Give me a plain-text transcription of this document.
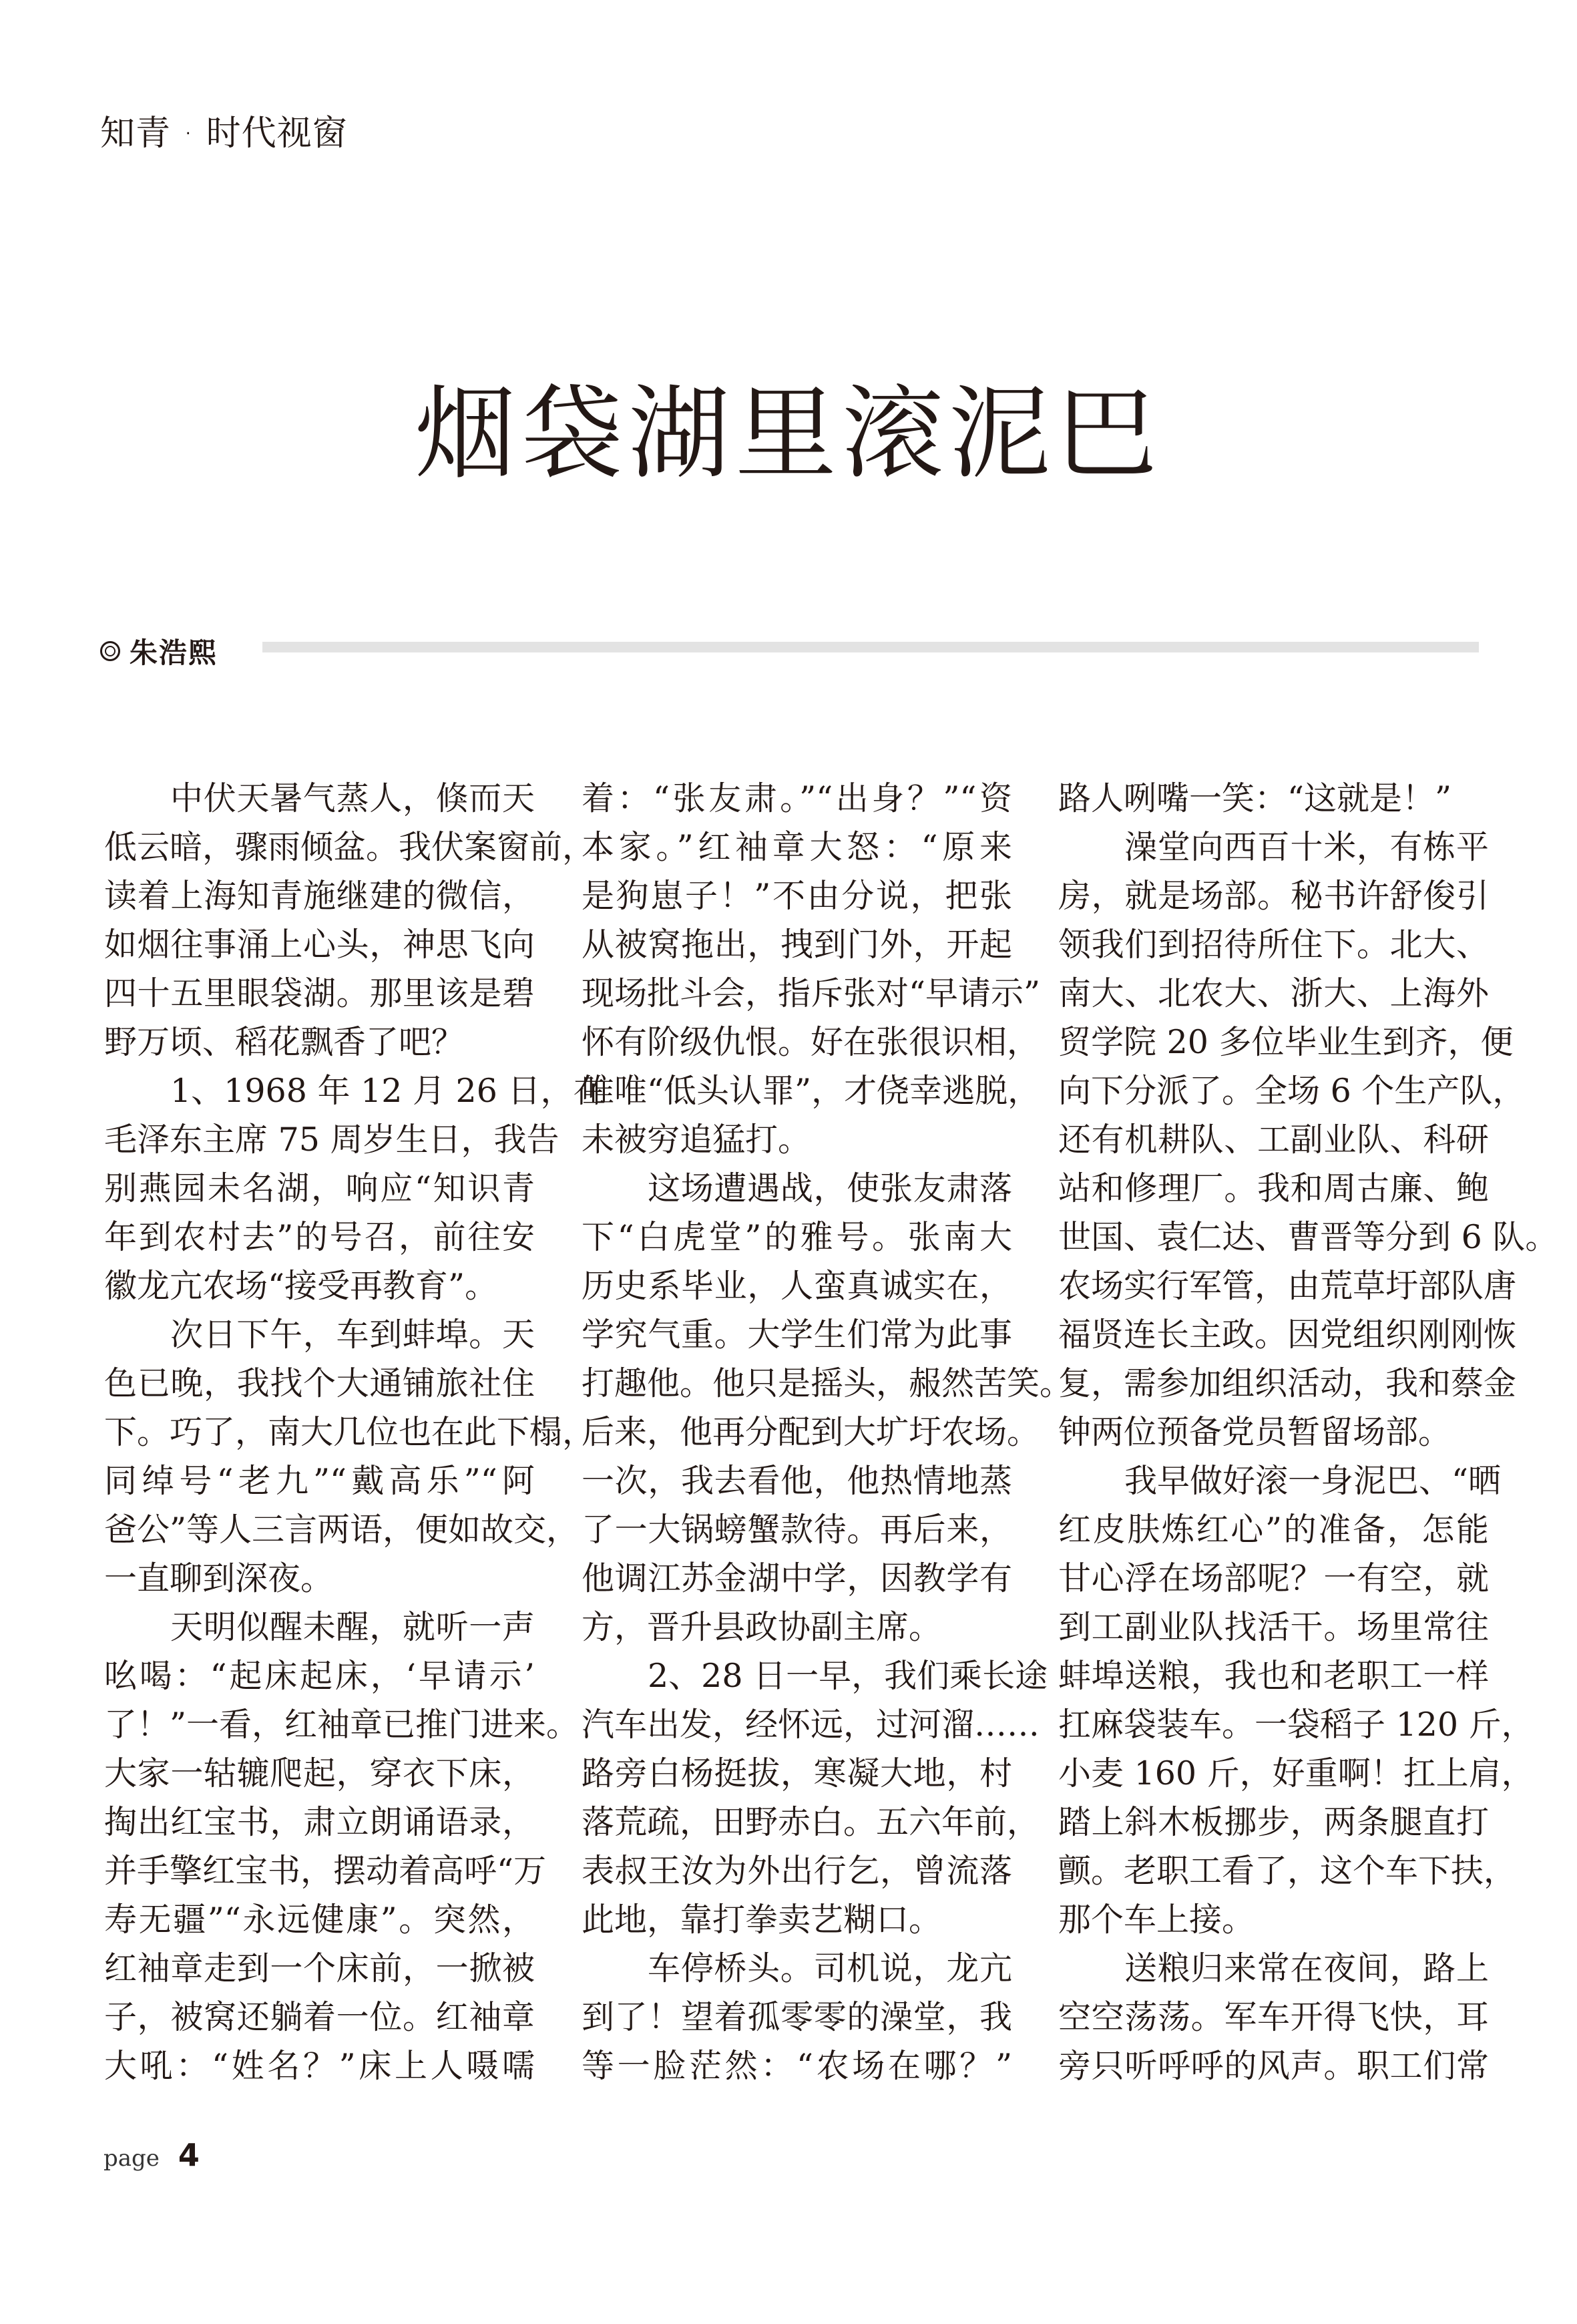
知青 · 时代视窗
烟袋湖里滚泥巴
朱浩熙
中伏天暑气蒸人，倏而天
低云暗，骤雨倾盆。我伏案窗前，
读着上海知青施继建的微信，
如烟往事涌上心头，神思飞向
四十五里眼袋湖。那里该是碧
野万顷、稻花飘香了吧？
1、1968 年 12 月 26 日，在
毛泽东主席 75 周岁生日，我告
别燕园未名湖，响应“知识青
年到农村去”的号召，前往安
徽龙亢农场“接受再教育”。
次日下午，车到蚌埠。天
色已晚，我找个大通铺旅社住
下。巧了，南大几位也在此下榻，
同绰号“老九”“戴高乐”“阿
爸公”等人三言两语，便如故交，
一直聊到深夜。
天明似醒未醒，就听一声
吆喝：“起床起床，‘早请示’
了！”一看，红袖章已推门进来。
大家一轱辘爬起，穿衣下床，
掏出红宝书，肃立朗诵语录，
并手擎红宝书，摆动着高呼“万
寿无疆”“永远健康”。突然，
红袖章走到一个床前，一掀被
子，被窝还躺着一位。红袖章
大吼：“姓名？”床上人嗫嚅
着：“张友肃。”“出身？”“资
本家。”红袖章大怒：“原来
是狗崽子！”不由分说，把张
从被窝拖出，拽到门外，开起
现场批斗会，指斥张对“早请示”
怀有阶级仇恨。好在张很识相，
唯唯“低头认罪”，才侥幸逃脱，
未被穷追猛打。
这场遭遇战，使张友肃落
下“白虎堂”的雅号。张南大
历史系毕业，人蛮真诚实在，
学究气重。大学生们常为此事
打趣他。他只是摇头，赧然苦笑。
后来，他再分配到大圹圩农场。
一次，我去看他，他热情地蒸
了一大锅螃蟹款待。再后来，
他调江苏金湖中学，因教学有
方，晋升县政协副主席。
2、28 日一早，我们乘长途
汽车出发，经怀远，过河溜……
路旁白杨挺拔，寒凝大地，村
落荒疏，田野赤白。五六年前，
表叔王汝为外出行乞，曾流落
此地，靠打拳卖艺糊口。
车停桥头。司机说，龙亢
到了！望着孤零零的澡堂，我
等一脸茫然：“农场在哪？”
路人咧嘴一笑：“这就是！”
澡堂向西百十米，有栋平
房，就是场部。秘书许舒俊引
领我们到招待所住下。北大、
南大、北农大、浙大、上海外
贸学院 20 多位毕业生到齐，便
向下分派了。全场 6 个生产队，
还有机耕队、工副业队、科研
站和修理厂。我和周古廉、鲍
世国、袁仁达、曹晋等分到 6 队。
农场实行军管，由荒草圩部队唐
福贤连长主政。因党组织刚刚恢
复，需参加组织活动，我和蔡金
钟两位预备党员暂留场部。
我早做好滚一身泥巴、“晒
红皮肤炼红心”的准备，怎能
甘心浮在场部呢？一有空，就
到工副业队找活干。场里常往
蚌埠送粮，我也和老职工一样
扛麻袋装车。一袋稻子 120 斤，
小麦 160 斤，好重啊！扛上肩，
踏上斜木板挪步，两条腿直打
颤。老职工看了，这个车下扶，
那个车上接。
送粮归来常在夜间，路上
空空荡荡。军车开得飞快，耳
旁只听呼呼的风声。职工们常
page 4
